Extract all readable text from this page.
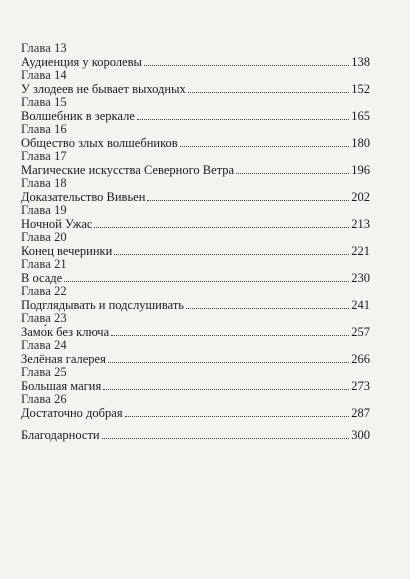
Глава 13
Аудиенция у королевы	138
Глава 14
У злодеев не бывает выходных	152
Глава 15
Волшебник в зеркале	165
Глава 16
Общество злых волшебников	180
Глава 17
Магические искусства Северного Ветра	196
Глава 18
Доказательство Вивьен	202
Глава 19
Ночной Ужас	213
Глава 20
Конец вечеринки	221
Глава 21
В осаде	230
Глава 22
Подглядывать и подслушивать	241
Глава 23
Замо́к без ключа	257
Глава 24
Зелёная галерея	266
Глава 25
Большая магия	273
Глава 26
Достаточно добрая	287
Благодарности	300
